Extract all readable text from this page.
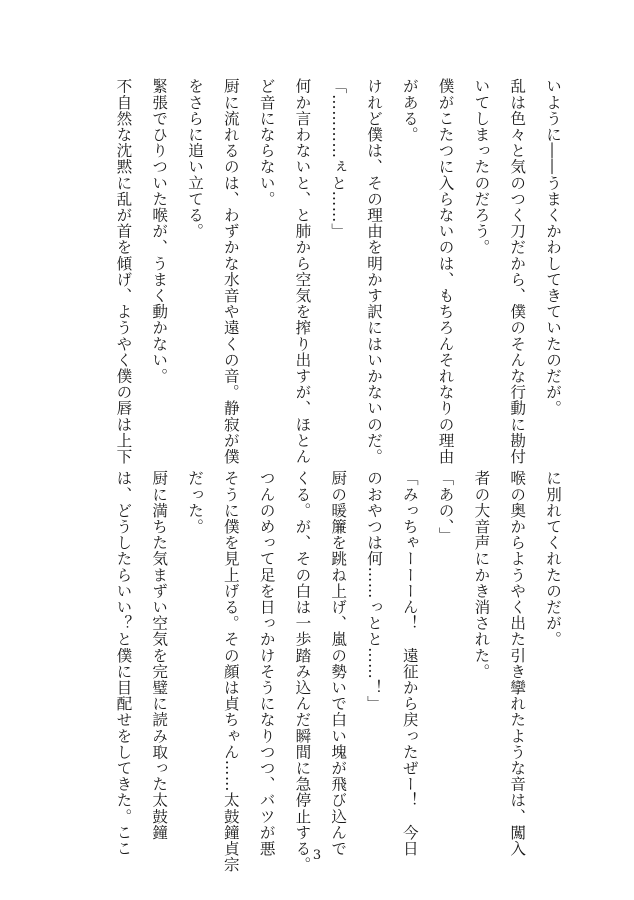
いように――うまくかわしてきていたのだが。
乱は色々と気のつく刀だから、僕のそんな行動に勘付
いてしまったのだろう。
僕がこたつに入らないのは、もちろんそれなりの理由
がある。
けれど僕は、その理由を明かす訳にはいかないのだ。
「…………ぇと……」
何か言わないと、と肺から空気を搾り出すが、ほとん
ど音にならない。
厨に流れるのは、わずかな水音や遠くの音。静寂が僕
をさらに追い立てる。
緊張でひりついた喉が、うまく動かない。
不自然な沈黙に乱が首を傾げ、ようやく僕の唇は上下
に別れてくれたのだが。
喉の奥からようやく出た引き攣れたような音は、闖入
者の大音声にかき消された。
「あの、」
「みっちゃーーーん！　遠征から戻ったぜー！　今日
のおやつは何……っとと……！」
厨の暖簾を跳ね上げ、嵐の勢いで白い塊が飛び込んで
くる。が、その白は一歩踏み込んだ瞬間に急停止する。
つんのめって足を日っかけそうになりつつ、バツが悪
そうに僕を見上げる。その顔は貞ちゃん……太鼓鐘貞宗
だった。
厨に満ちた気まずい空気を完璧に読み取った太鼓鐘
は、どうしたらいい？と僕に目配せをしてきた。ここ	3
